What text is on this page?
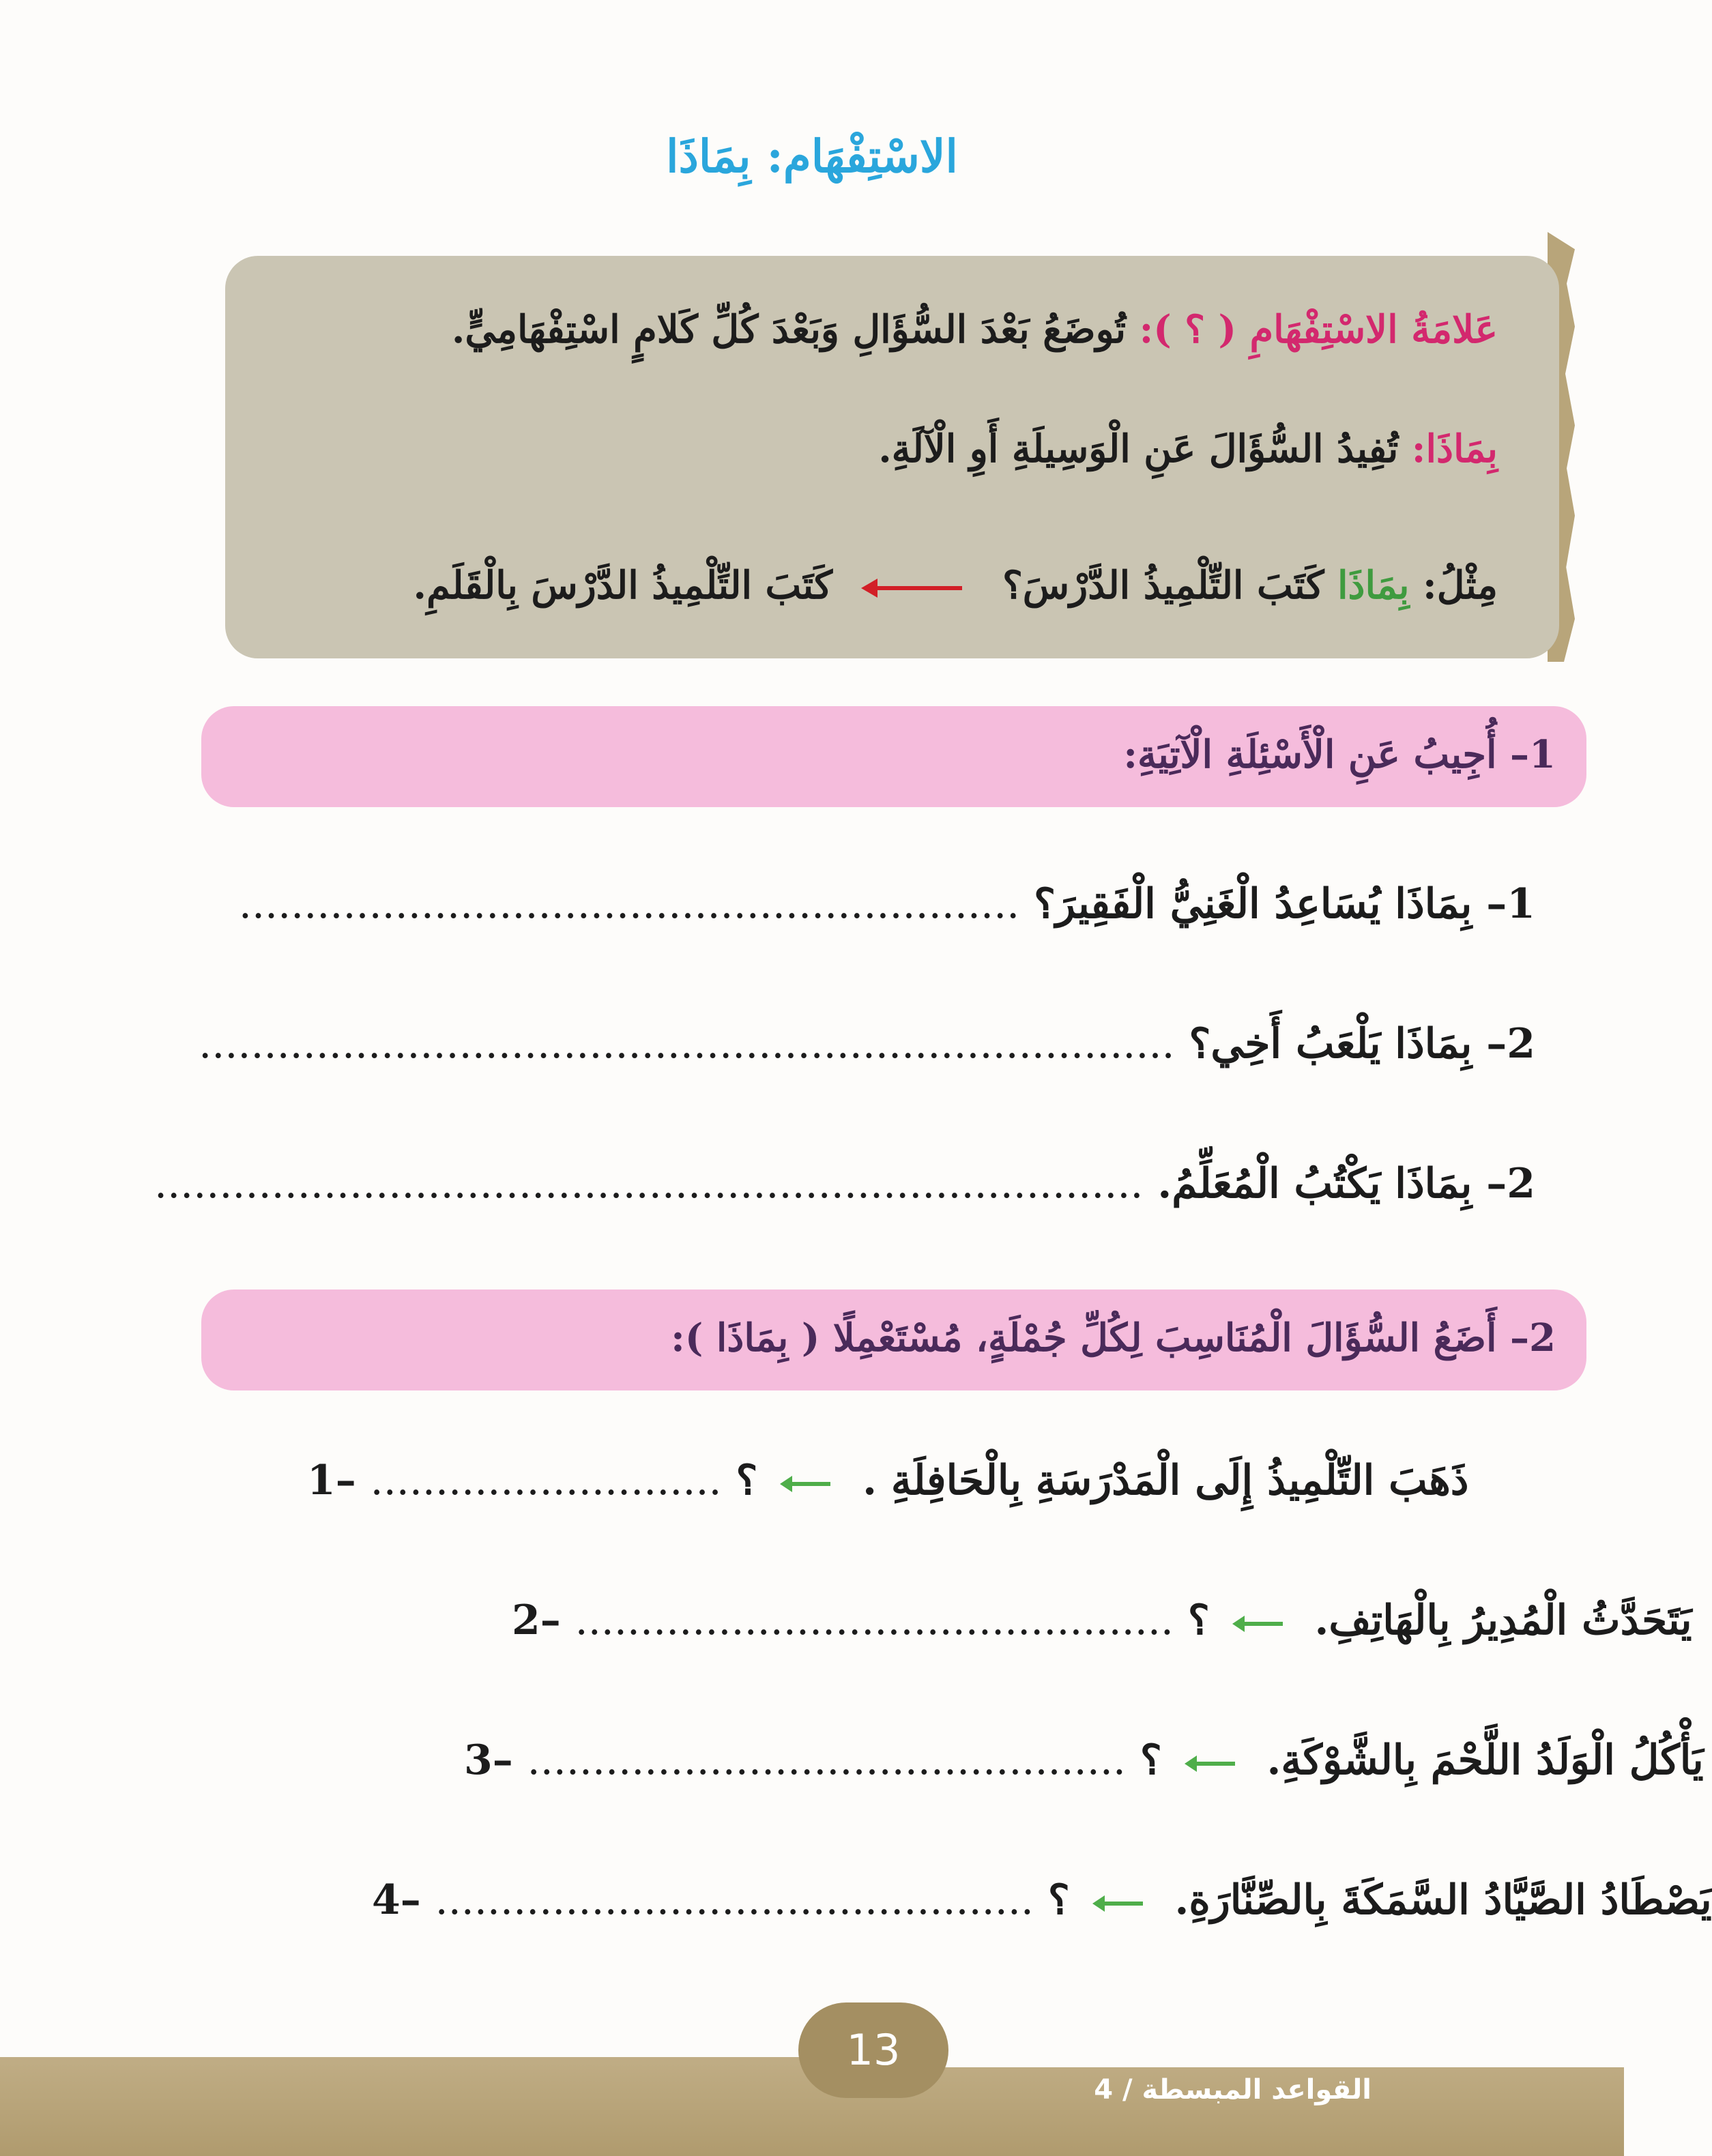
الاسْتِفْهَام: بِمَاذَا
عَلامَةُ الاسْتِفْهَامِ ( ؟ ): تُوضَعُ بَعْدَ السُّؤَالِ وَبَعْدَ كُلِّ كَلامٍ اسْتِفْهَامِيٍّ.
بِمَاذَا: تُفِيدُ السُّؤَالَ عَنِ الْوَسِيلَةِ أَوِ الْآلَةِ.
مِثْلُ: بِمَاذَا كَتَبَ التِّلْمِيذُ الدَّرْسَ؟  كَتَبَ التِّلْمِيذُ الدَّرْسَ بِالْقَلَمِ.
1– أُجِيبُ عَنِ الْأَسْئِلَةِ الْآتِيَةِ:
1– بِمَاذَا يُسَاعِدُ الْغَنِيُّ الْفَقِيرَ؟ ............................................................
2– بِمَاذَا يَلْعَبُ أَخِي؟ ...........................................................................
2– بِمَاذَا يَكْتُبُ الْمُعَلِّمُ. ............................................................................
2– أَضَعُ السُّؤَالَ الْمُنَاسِبَ لِكُلِّ جُمْلَةٍ، مُسْتَعْمِلًا ( بِمَاذَا ):
ذَهَبَ التِّلْمِيذُ إِلَى الْمَدْرَسَةِ بِالْحَافِلَةِ .  ؟ ........................... –1
يَتَحَدَّثُ الْمُدِيرُ بِالْهَاتِفِ.  ؟ .............................................. –2
يَأْكُلُ الْوَلَدُ اللَّحْمَ بِالشَّوْكَةِ.  ؟ .............................................. –3
يَصْطَادُ الصَّيَّادُ السَّمَكَةَ بِالصِّنَّارَةِ.  ؟ .............................................. –4
13
القواعد المبسطة / 4
